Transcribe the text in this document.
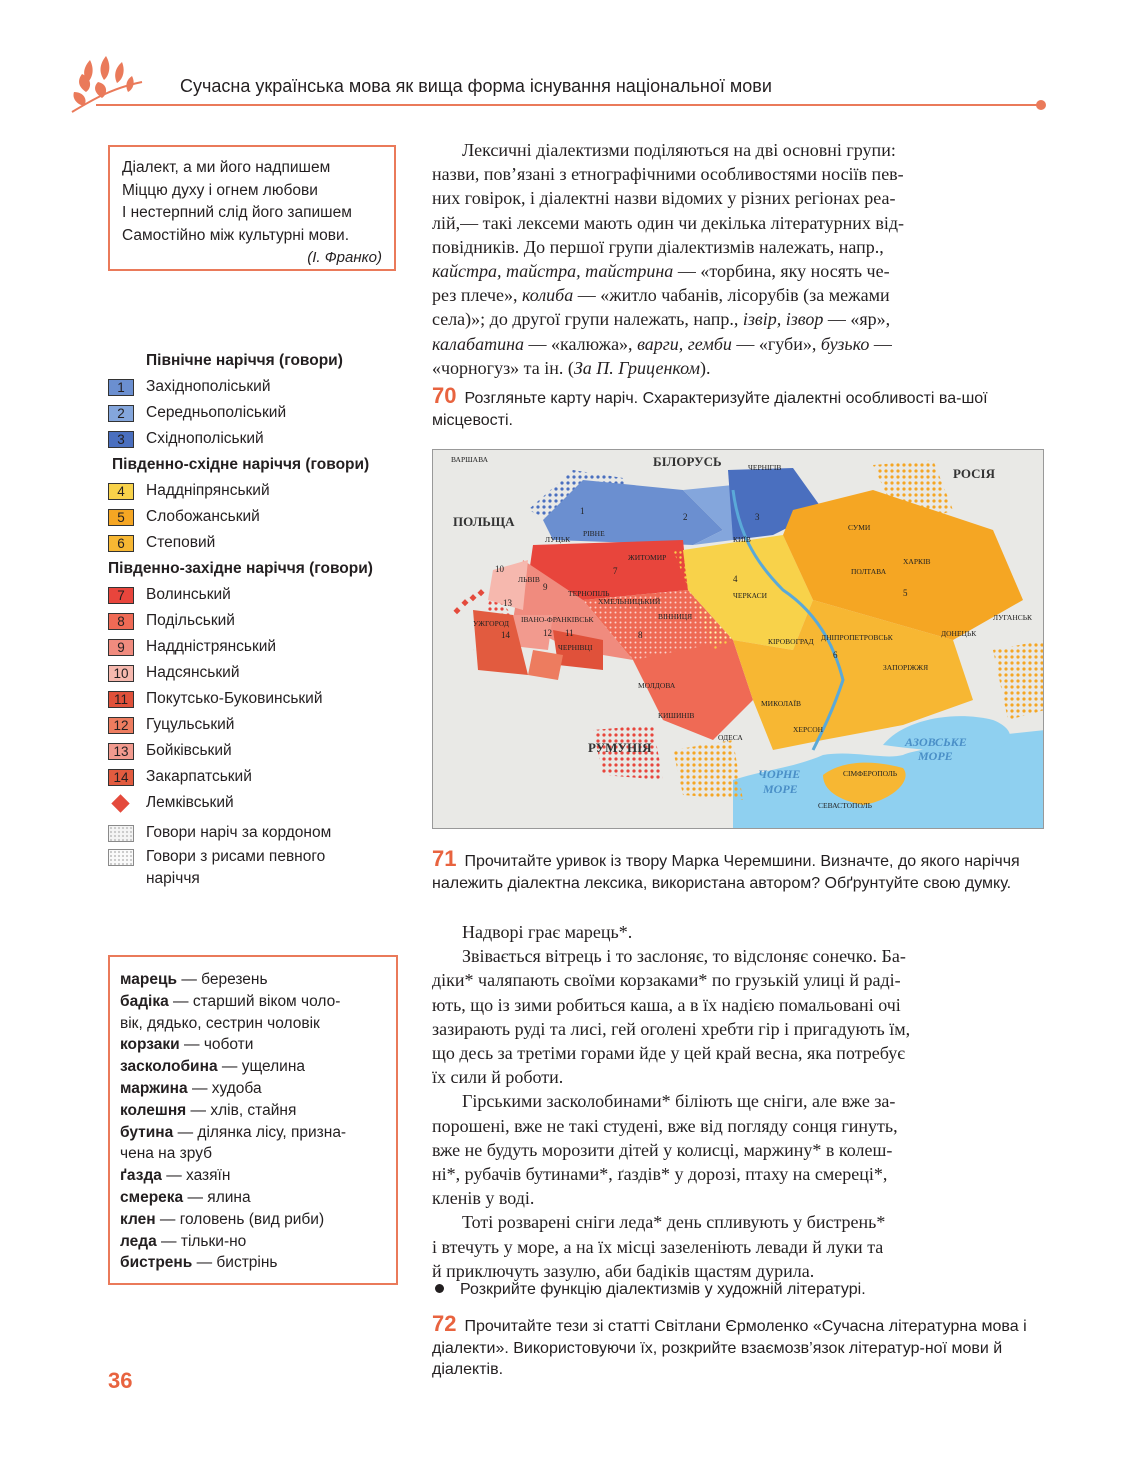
Сучасна українська мова як вища форма існування національної мови
Діалект, а ми його надпишем
Міццю духу і огнем любови
І нестерпний слід його запишем
Самостійно між культурні мови.
(І. Франко)
Лексичні діалектизми поділяються на дві основні групи:
назви, пов’язані з етнографічними особливостями носіїв пев-
них говірок, і діалектні назви відомих у різних регіонах реа-
лій,— такі лексеми мають один чи декілька літературних від-
повідників. До першої групи діалектизмів належать, напр.,
кайстра, тайстра, тайстрина — «торбина, яку носять че-
рез плече», колиба — «житло чабанів, лісорубів (за межами
села)»; до другої групи належать, напр., ізвір, ізвор — «яр»,
калабатина — «калюжа», варги, гемби — «губи», бузько —
«чорногуз» та ін. (За П. Гриценком).
70 Розгляньте карту наріч. Схарактеризуйте діалектні особливості ва-шої місцевості.
Північне наріччя (говори)
1	Західнополіський
2	Середньополіський
3	Східнополіський
Південно-східне наріччя (говори)
4	Наддніпрянський
5	Слобожанський
6	Степовий
Південно-західне наріччя (говори)
7	Волинський
8	Подільський
9	Наддністрянський
10	Надсянський
11	Покутсько-Буковинський
12	Гуцульський
13	Бойківський
14	Закарпатський
Лемківський
Говори наріч за кордоном
Говори з рисами певного наріччя
БІЛОРУСЬ
РОСІЯ
ПОЛЬЩА
МОЛДОВА
РУМУНІЯ
ЧОРНЕ
МОРЕ
АЗОВСЬКЕ
МОРЕ
ВАРШАВА
ЧЕРНІГІВ
ЛУЦЬК
РІВНЕ
КИЇВ
СУМИ
ЖИТОМИР	ХАРКІВ
ЛЬВІВ
ТЕРНОПІЛЬ
ХМЕЛЬНИЦЬКИЙ
ПОЛТАВА
ЧЕРКАСИ
ВІННИЦЯ	ЛУГАНСЬК
УЖГОРОД ІВАНО-ФРАНКІВСЬК
ЧЕРНІВЦІ
КІРОВОГРАД ДНІПРОПЕТРОВСЬК	ДОНЕЦЬК
ЗАПОРІЖЖЯ
КИШИНІВ
МИКОЛАЇВ
ОДЕСА
ХЕРСОН
СІМФЕРОПОЛЬ
СЕВАСТОПОЛЬ
1
2	3
4
5
6
7
8
9
10
11
12
13
14
71 Прочитайте уривок із твору Марка Черемшини. Визначте, до якого наріччя належить діалектна лексика, використана автором? Обґрунтуйте свою думку.
Надворі грає марець*.
Звівається вітрець і то заслоняє, то відслоняє сонечко. Ба-
діки* чаляпають своїми корзаками* по грузькій улиці й раді-
ють, що із зими робиться каша, а в їх надією помальовані очі
зазирають руді та лисі, гей оголені хребти гір і пригадують їм,
що десь за третіми горами йде у цей край весна, яка потребує
їх сили й роботи.
Гірськими засколобинами* біліють ще сніги, але вже за-
порошені, вже не такі студені, вже від погляду сонця гинуть,
вже не будуть морозити дітей у колисці, маржину* в колеш-
ні*, рубачів бутинами*, ґаздів* у дорозі, птаху на смереці*,
кленів у воді.
Тоті розварені сніги леда* день спливують у бистрень*
і втечуть у море, а на їх місці зазеленіють левади й луки та
й приключуть зазулю, аби бадіків щастям дурила.
Розкрийте функцію діалектизмів у художній літературі.
72 Прочитайте тези зі статті Світлани Єрмоленко «Сучасна літературна мова і діалекти». Використовуючи їх, розкрийте взаємозв’язок літератур-ної мови й діалектів.
марець — березень
бадіка — старший віком чоло-
вік, дядько, сестрин чоловік
корзаки — чоботи
засколобина — ущелина
маржина — худоба
колешня — хлів, стайня
бутина — ділянка лісу, призна-
чена на зруб
ґазда — хазяїн
смерека — ялина
клен — головень (вид риби)
леда — тільки-но
бистрень — бистрінь
36
